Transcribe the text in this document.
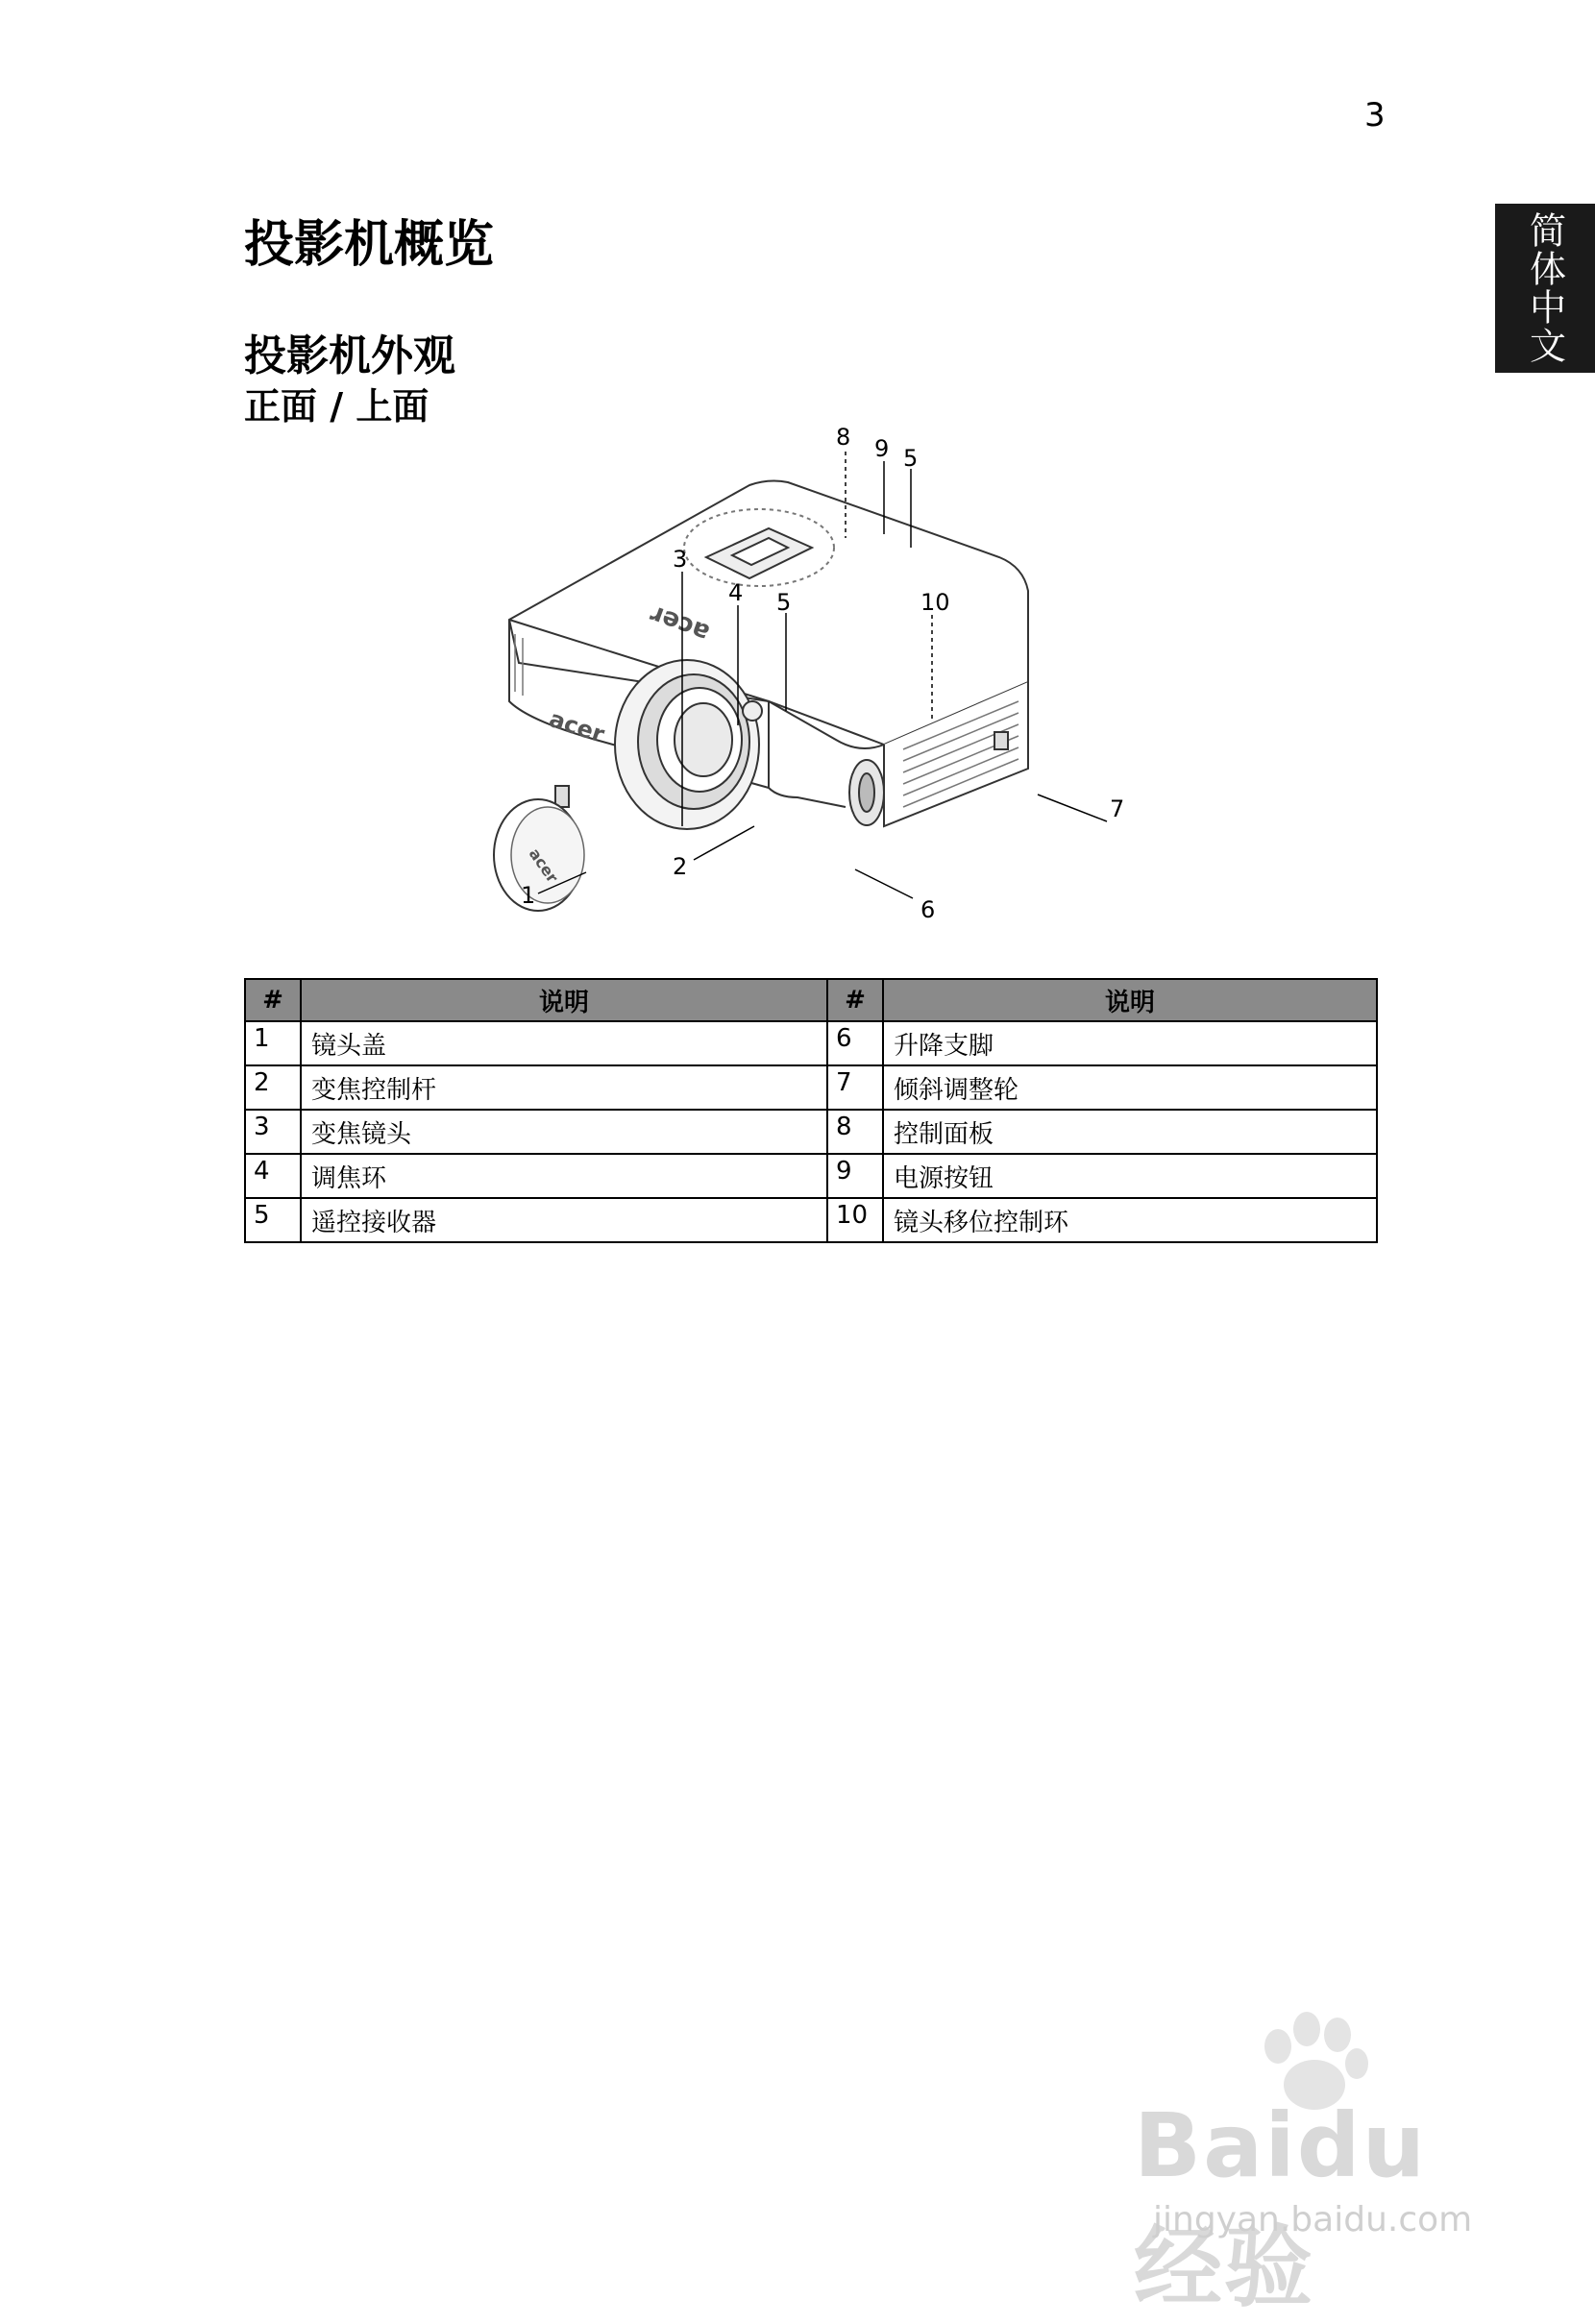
3
简体中文
投影机概览
投影机外观
正面 / 上面
acer
acer
acer
1
2
3
4 5
5
6
7
8 9
10
#	说明	#	说明
1	镜头盖	6	升降支脚
2	变焦控制杆	7	倾斜调整轮
3	变焦镜头	8	控制面板
4	调焦环	9	电源按钮
5	遥控接收器	10	镜头移位控制环
Baidu经验
jingyan.baidu.com
